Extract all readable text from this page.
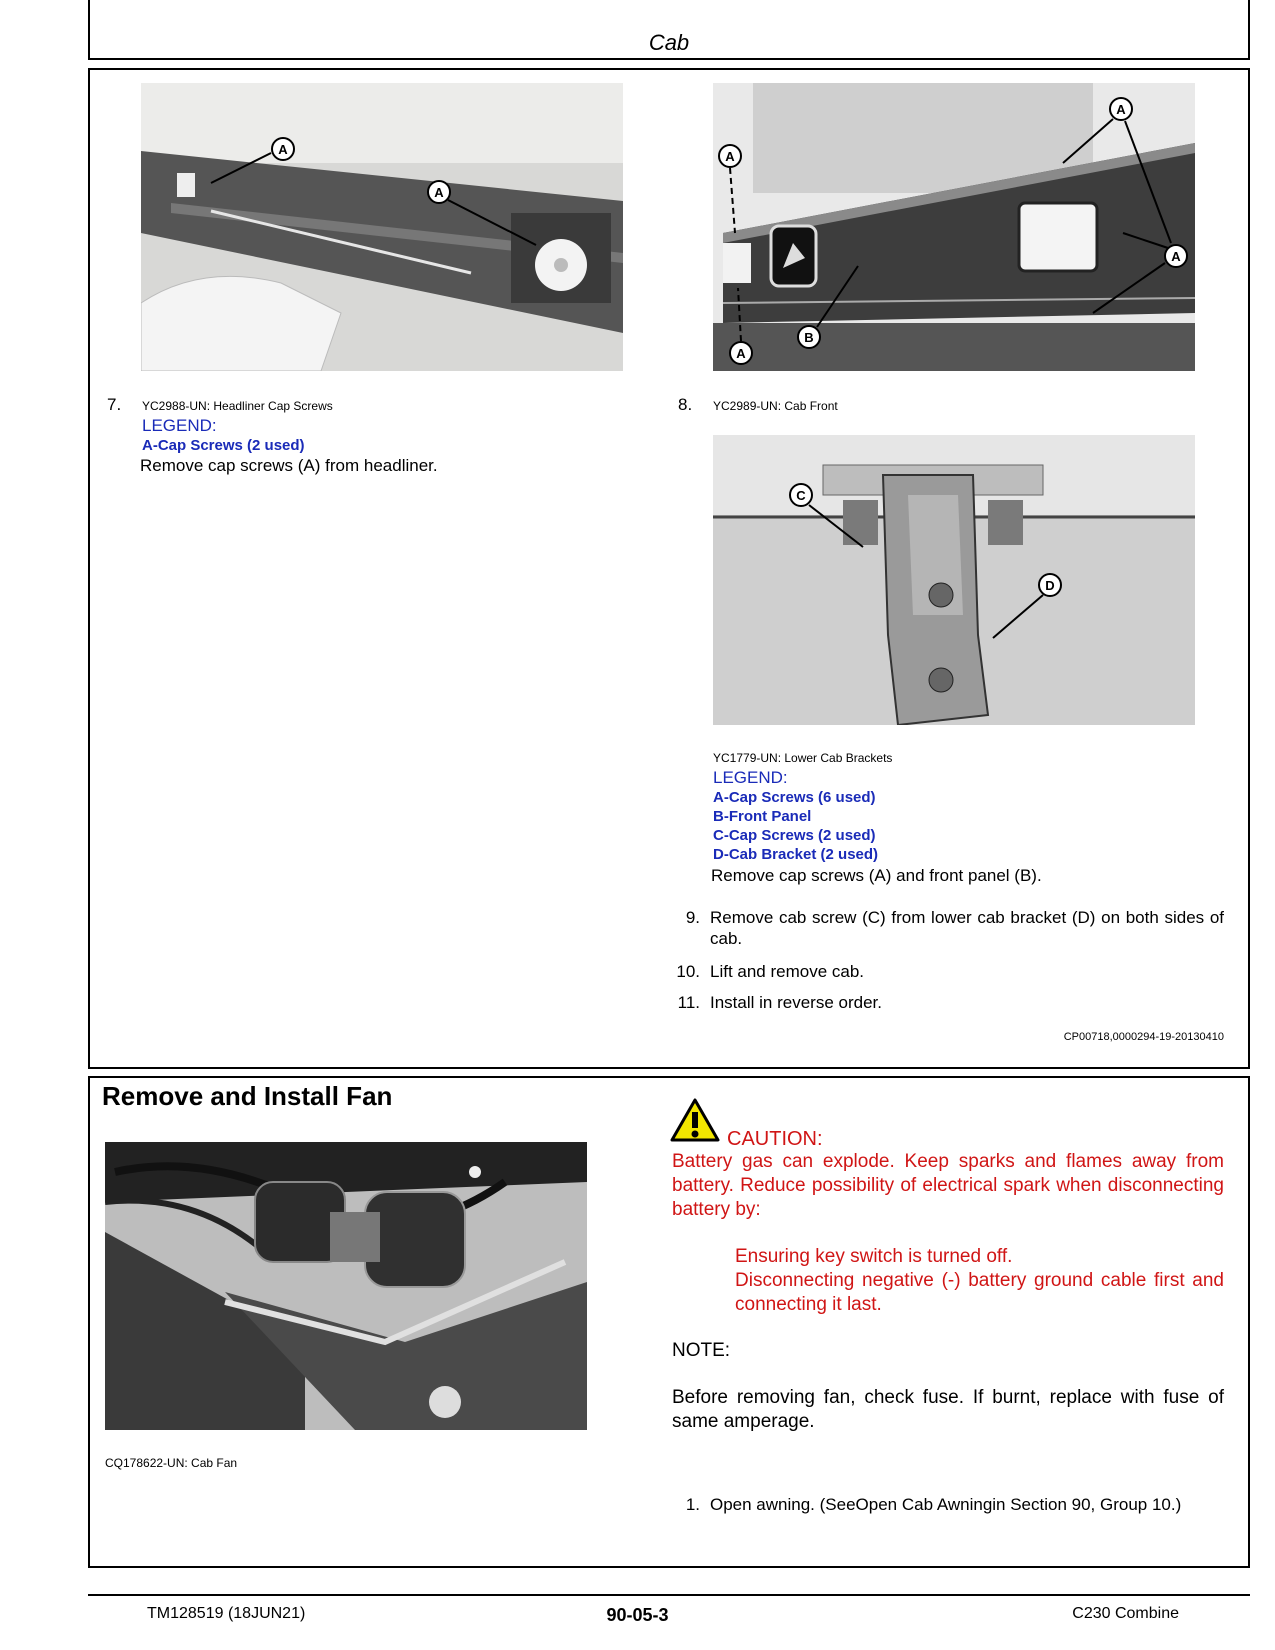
Cab
A
A
A
A
A
A
B
7. YC2988-UN: Headliner Cap Screws
LEGEND:
A-Cap Screws (2 used)
Remove cap screws (A) from headliner.
8. YC2989-UN: Cab Front
C
D
YC1779-UN: Lower Cab Brackets
LEGEND:
A-Cap Screws (6 used)
B-Front Panel
C-Cap Screws (2 used)
D-Cab Bracket (2 used)
Remove cap screws (A) and front panel (B).
9. Remove cab screw (C) from lower cab bracket (D) on both sides of cab.
10. Lift and remove cab.
11. Install in reverse order.
CP00718,0000294-19-20130410
Remove and Install Fan
CQ178622-UN: Cab Fan
CAUTION:
Battery gas can explode. Keep sparks and flames away from battery. Reduce possibility of electrical spark when disconnecting battery by:
Ensuring key switch is turned off.
Disconnecting negative (-) battery ground cable first and connecting it last.
NOTE:
Before removing fan, check fuse. If burnt, replace with fuse of same amperage.
1. Open awning. (SeeOpen Cab Awningin Section 90, Group 10.)
TM128519 (18JUN21)	90-05-3	C230 Combine
